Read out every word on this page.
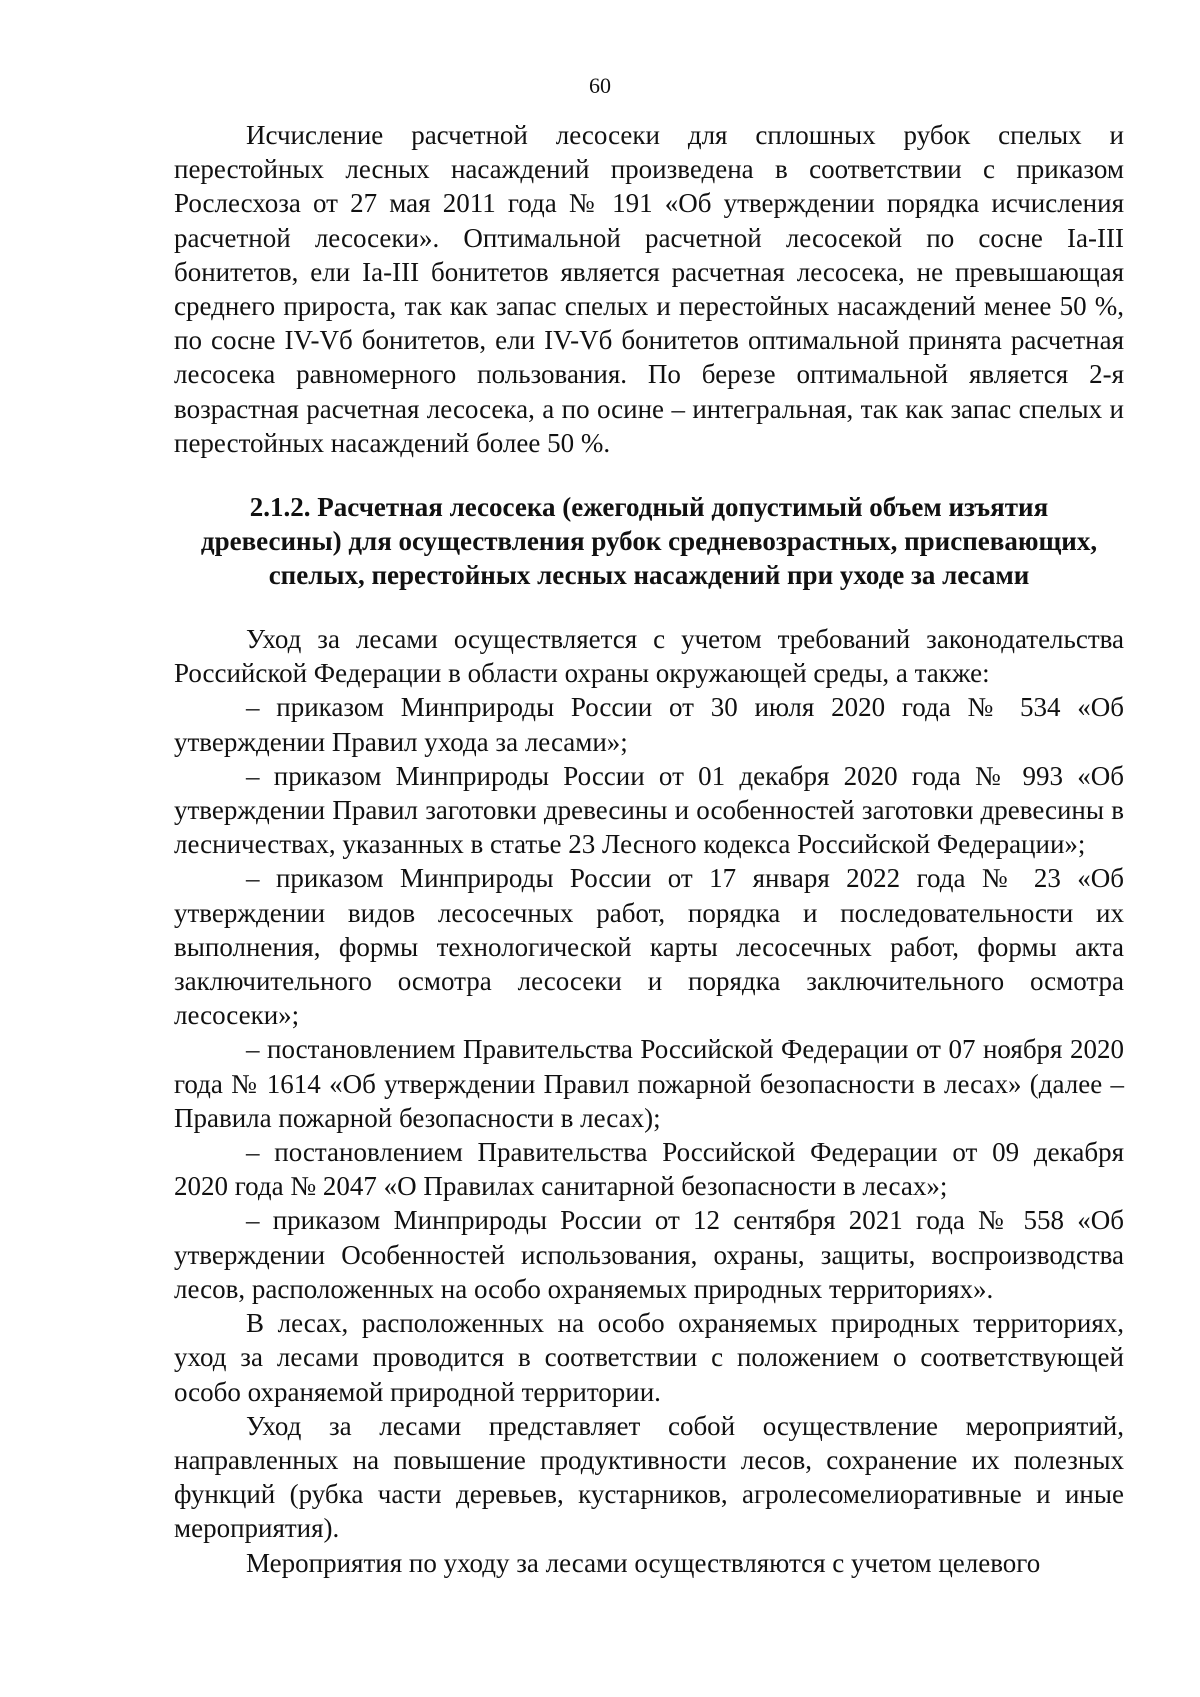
60

Исчисление расчетной лесосеки для сплошных рубок спелых и перестойных лесных насаждений произведена в соответствии с приказом Рослесхоза от 27 мая 2011 года № 191 «Об утверждении порядка исчисления расчетной лесосеки». Оптимальной расчетной лесосекой по сосне Ia-III бонитетов, ели Ia-III бонитетов является расчетная лесосека, не превышающая среднего прироста, так как запас спелых и перестойных насаждений менее 50 %, по сосне IV-Vб бонитетов, ели IV-Vб бонитетов оптимальной принята расчетная лесосека равномерного пользования. По березе оптимальной является 2-я возрастная расчетная лесосека, а по осине – интегральная, так как запас спелых и перестойных насаждений более 50 %.

2.1.2. Расчетная лесосека (ежегодный допустимый объем изъятия
древесины) для осуществления рубок средневозрастных, приспевающих,
спелых, перестойных лесных насаждений при уходе за лесами

Уход за лесами осуществляется с учетом требований законодательства Российской Федерации в области охраны окружающей среды, а также:

– приказом Минприроды России от 30 июля 2020 года № 534 «Об утверждении Правил ухода за лесами»;

– приказом Минприроды России от 01 декабря 2020 года № 993 «Об утверждении Правил заготовки древесины и особенностей заготовки древесины в лесничествах, указанных в статье 23 Лесного кодекса Российской Федерации»;

– приказом Минприроды России от 17 января 2022 года № 23 «Об утверждении видов лесосечных работ, порядка и последовательности их выполнения, формы технологической карты лесосечных работ, формы акта заключительного осмотра лесосеки и порядка заключительного осмотра лесосеки»;

– постановлением Правительства Российской Федерации от 07 ноября 2020 года № 1614 «Об утверждении Правил пожарной безопасности в лесах» (далее – Правила пожарной безопасности в лесах);

– постановлением Правительства Российской Федерации от 09 декабря 2020 года № 2047 «О Правилах санитарной безопасности в лесах»;

– приказом Минприроды России от 12 сентября 2021 года № 558 «Об утверждении Особенностей использования, охраны, защиты, воспроизводства лесов, расположенных на особо охраняемых природных территориях».

В лесах, расположенных на особо охраняемых природных территориях, уход за лесами проводится в соответствии с положением о соответствующей особо охраняемой природной территории.

Уход за лесами представляет собой осуществление мероприятий, направленных на повышение продуктивности лесов, сохранение их полезных функций (рубка части деревьев, кустарников, агролесомелиоративные и иные мероприятия).

Мероприятия по уходу за лесами осуществляются с учетом целевого
